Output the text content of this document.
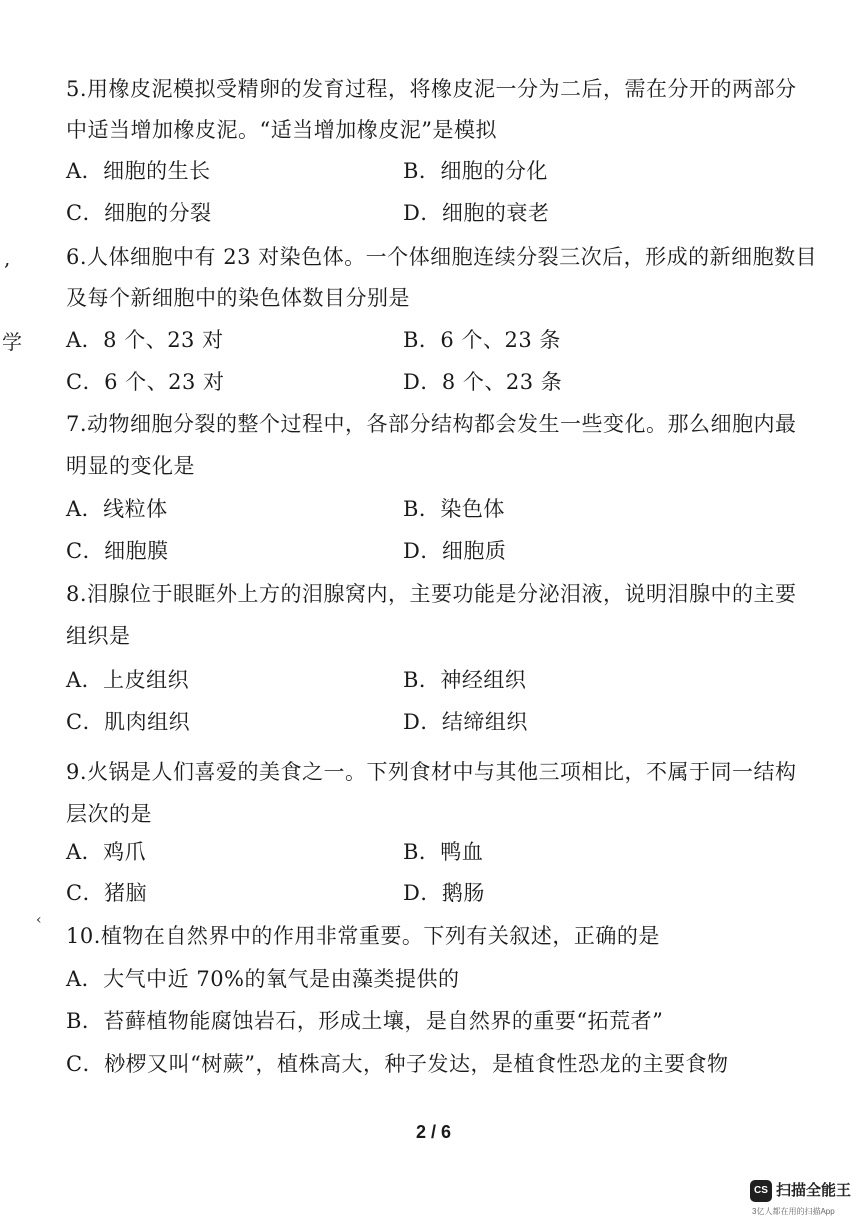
,
学
‹
5.用橡皮泥模拟受精卵的发育过程，将橡皮泥一分为二后，需在分开的两部分
中适当增加橡皮泥。“适当增加橡皮泥”是模拟
A．细胞的生长	B．细胞的分化
C．细胞的分裂	D．细胞的衰老
6.人体细胞中有 23 对染色体。一个体细胞连续分裂三次后，形成的新细胞数目
及每个新细胞中的染色体数目分别是
A．8 个、23 对	B．6 个、23 条
C．6 个、23 对	D．8 个、23 条
7.动物细胞分裂的整个过程中，各部分结构都会发生一些变化。那么细胞内最
明显的变化是
A．线粒体	B．染色体
C．细胞膜	D．细胞质
8.泪腺位于眼眶外上方的泪腺窝内，主要功能是分泌泪液，说明泪腺中的主要
组织是
A．上皮组织	B．神经组织
C．肌肉组织	D．结缔组织
9.火锅是人们喜爱的美食之一。下列食材中与其他三项相比，不属于同一结构
层次的是
A．鸡爪	B．鸭血
C．猪脑	D．鹅肠
10.植物在自然界中的作用非常重要。下列有关叙述，正确的是
A．大气中近 70%的氧气是由藻类提供的
B．苔藓植物能腐蚀岩石，形成土壤，是自然界的重要“拓荒者”
C．桫椤又叫“树蕨”，植株高大，种子发达，是植食性恐龙的主要食物
2 / 6
CS 扫描全能王
3亿人都在用的扫描App
